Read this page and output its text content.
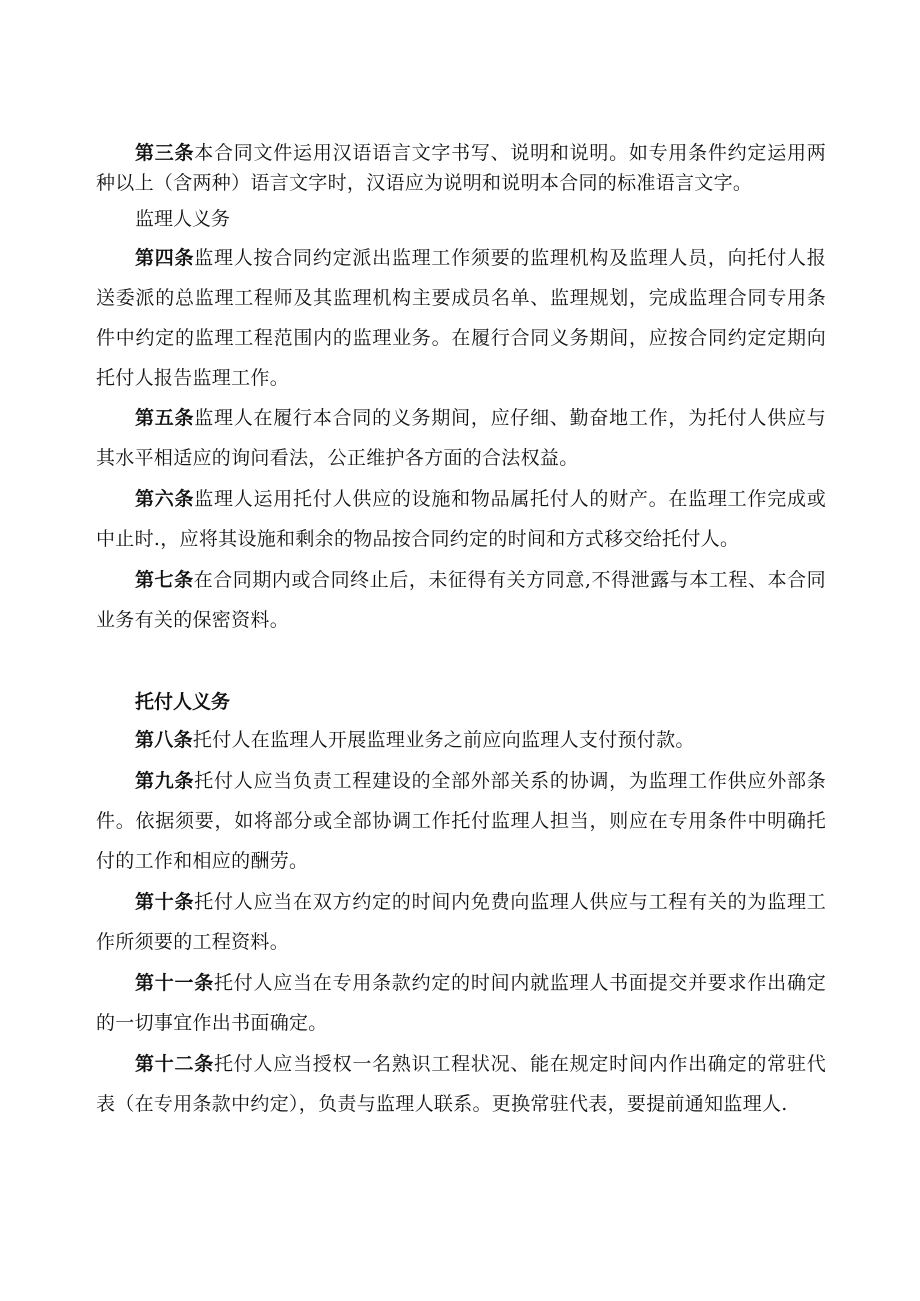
第三条本合同文件运用汉语语言文字书写、说明和说明。如专用条件约定运用两种以上（含两种）语言文字时，汉语应为说明和说明本合同的标准语言文字。

监理人义务

第四条监理人按合同约定派出监理工作须要的监理机构及监理人员，向托付人报送委派的总监理工程师及其监理机构主要成员名单、监理规划，完成监理合同专用条件中约定的监理工程范围内的监理业务。在履行合同义务期间，应按合同约定定期向托付人报告监理工作。

第五条监理人在履行本合同的义务期间，应仔细、勤奋地工作，为托付人供应与其水平相适应的询问看法，公正维护各方面的合法权益。

第六条监理人运用托付人供应的设施和物品属托付人的财产。在监理工作完成或中止时.，应将其设施和剩余的物品按合同约定的时间和方式移交给托付人。

第七条在合同期内或合同终止后，未征得有关方同意,不得泄露与本工程、本合同业务有关的保密资料。

托付人义务

第八条托付人在监理人开展监理业务之前应向监理人支付预付款。

第九条托付人应当负责工程建设的全部外部关系的协调，为监理工作供应外部条件。依据须要，如将部分或全部协调工作托付监理人担当，则应在专用条件中明确托付的工作和相应的酬劳。

第十条托付人应当在双方约定的时间内免费向监理人供应与工程有关的为监理工作所须要的工程资料。

第十一条托付人应当在专用条款约定的时间内就监理人书面提交并要求作出确定的一切事宜作出书面确定。

第十二条托付人应当授权一名熟识工程状况、能在规定时间内作出确定的常驻代表（在专用条款中约定），负责与监理人联系。更换常驻代表，要提前通知监理人.
